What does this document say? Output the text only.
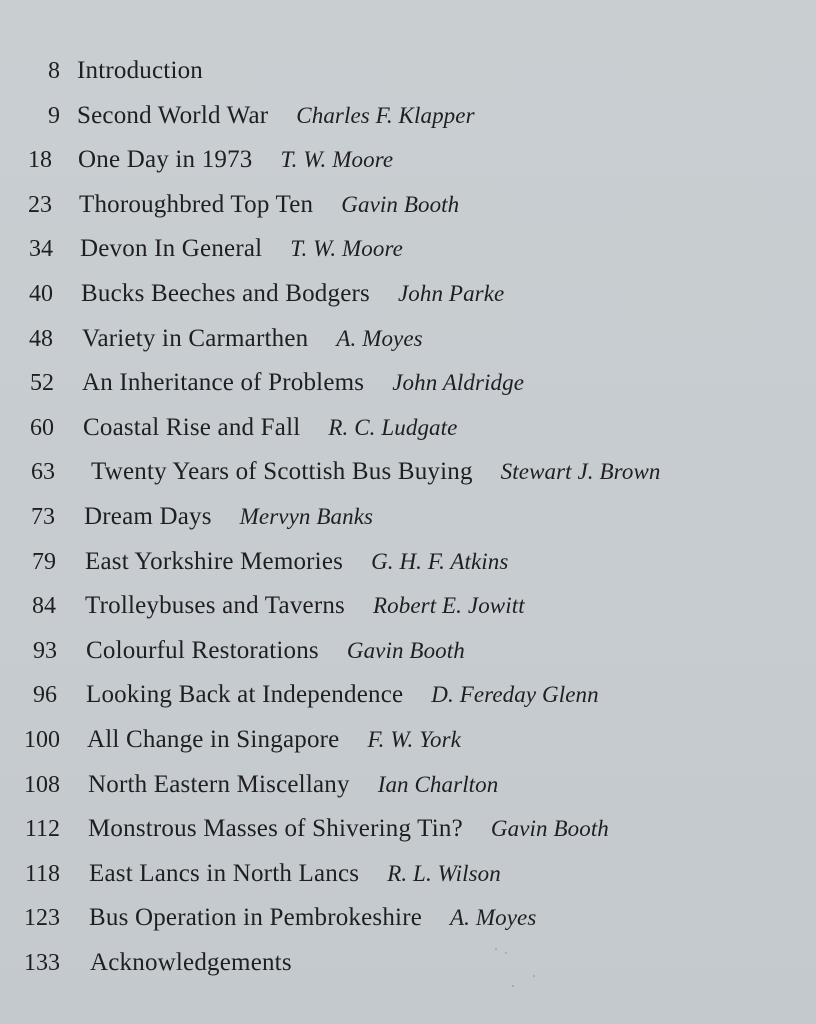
8 Introduction
9 Second World War Charles F. Klapper
18 One Day in 1973 T. W. Moore
23 Thoroughbred Top Ten Gavin Booth
34 Devon In General T. W. Moore
40 Bucks Beeches and Bodgers John Parke
48 Variety in Carmarthen A. Moyes
52 An Inheritance of Problems John Aldridge
60 Coastal Rise and Fall R. C. Ludgate
63 Twenty Years of Scottish Bus Buying Stewart J. Brown
73 Dream Days Mervyn Banks
79 East Yorkshire Memories G. H. F. Atkins
84 Trolleybuses and Taverns Robert E. Jowitt
93 Colourful Restorations Gavin Booth
96 Looking Back at Independence D. Fereday Glenn
100 All Change in Singapore F. W. York
108 North Eastern Miscellany Ian Charlton
112 Monstrous Masses of Shivering Tin? Gavin Booth
118 East Lancs in North Lancs R. L. Wilson
123 Bus Operation in Pembrokeshire A. Moyes
133 Acknowledgements
